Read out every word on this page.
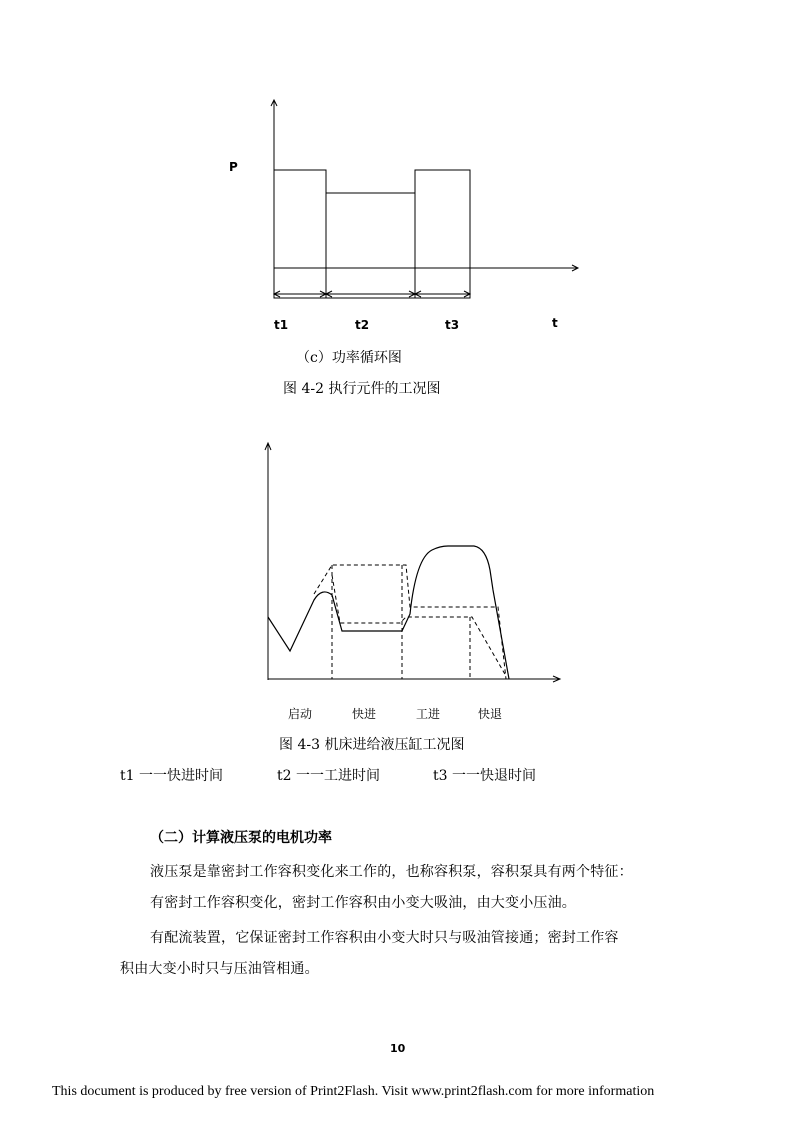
P
t1	t2	t3	t
（c）功率循环图
图 4-2 执行元件的工况图
启动	快进	工进	快退
图 4-3 机床进给液压缸工况图
t1 一一快进时间	t2 一一工进时间	t3 一一快退时间
（二）计算液压泵的电机功率
液压泵是靠密封工作容积变化来工作的，也称容积泵，容积泵具有两个特征：
有密封工作容积变化，密封工作容积由小变大吸油，由大变小压油。
有配流装置，它保证密封工作容积由小变大时只与吸油管接通；密封工作容
积由大变小时只与压油管相通。
10
This document is produced by free version of Print2Flash. Visit www.print2flash.com for more information
